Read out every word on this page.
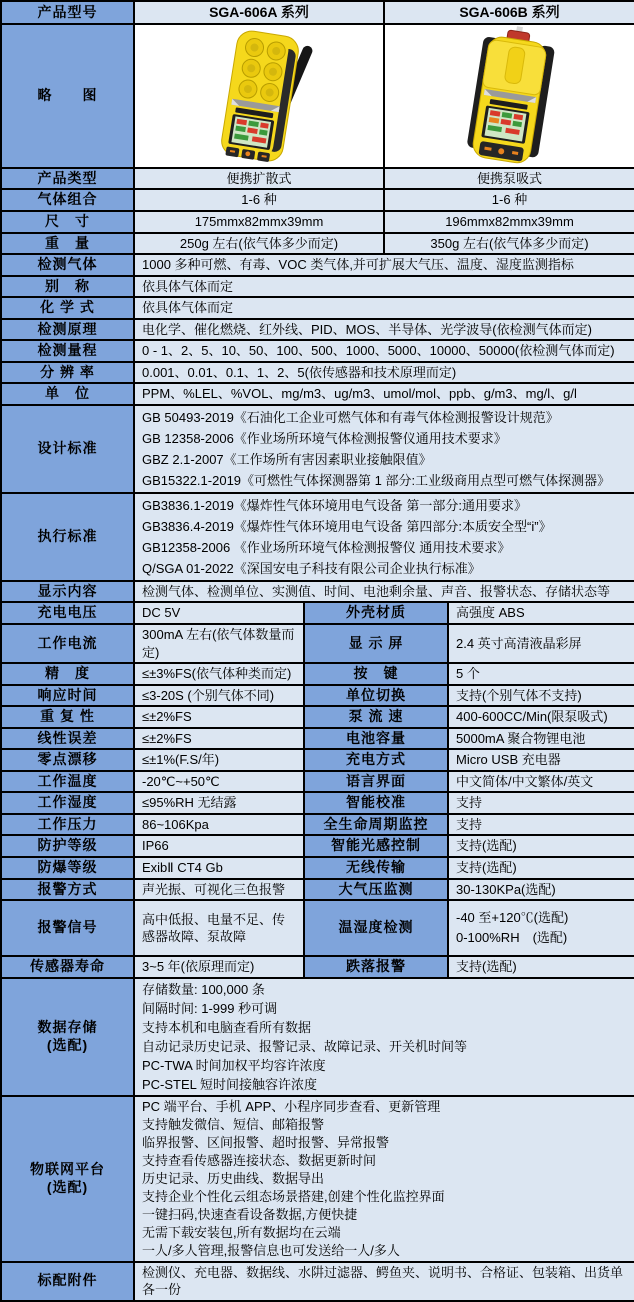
产品型号	SGA-606A 系列		SGA-606B 系列	
略　　图	

产品类型	便携扩散式		便携泵吸式	
气体组合	1-6 种		1-6 种	
尺　寸	175mmx82mmx39mm		196mmx82mmx39mm	
重　量	250g 左右(依气体多少而定)		350g 左右(依气体多少而定)	
检测气体	1000 多种可燃、有毒、VOC 类气体,并可扩展大气压、温度、湿度监测指标			
别　称	依具体气体而定			
化 学 式	依具体气体而定			
检测原理	电化学、催化燃烧、红外线、PID、MOS、半导体、光学波导(依检测气体而定)			
检测量程	0 - 1、2、5、10、50、100、500、1000、5000、10000、50000(依检测气体而定)			
分 辨 率	0.001、0.01、0.1、1、2、5(依传感器和技术原理而定)			
单　位	PPM、%LEL、%VOL、mg/m3、ug/m3、umol/mol、ppb、g/m3、mg/l、g/l			
设计标准	GB 50493-2019《石油化工企业可燃气体和有毒气体检测报警设计规范》
GB 12358-2006《作业场所环境气体检测报警仪通用技术要求》
GBZ 2.1-2007《工作场所有害因素职业接触限值》
GB15322.1-2019《可燃性气体探测器第 1 部分:工业级商用点型可燃气体探测器》			

执行标准	GB3836.1-2019《爆炸性气体环境用电气设备 第一部分:通用要求》
GB3836.4-2019《爆炸性气体环境用电气设备 第四部分:本质安全型“i”》
GB12358-2006 《作业场所环境气体检测报警仪 通用技术要求》
Q/SGA 01-2022《深国安电子科技有限公司企业执行标准》			

显示内容	检测气体、检测单位、实测值、时间、电池剩余量、声音、报警状态、存储状态等			
充电电压	DC 5V	外壳材质		高强度 ABS
工作电流	300mA 左右(依气体数量而定)	显 示 屏		2.4 英寸高清液晶彩屏
精　度	≤±3%FS(依气体种类而定)	按　键		5 个
响应时间	≤3-20S (个别气体不同)	单位切换		支持(个别气体不支持)
重 复 性	≤±2%FS	泵 流 速		400-600CC/Min(限泵吸式)
线性误差	≤±2%FS	电池容量		5000mA 聚合物锂电池
零点漂移	≤±1%(F.S/年)	充电方式		Micro USB 充电器
工作温度	-20℃~+50℃	语言界面		中文简体/中文繁体/英文
工作湿度	≤95%RH 无结露	智能校准		支持
工作压力	86~106Kpa	全生命周期监控		支持
防护等级	IP66	智能光感控制		支持(选配)
防爆等级	ExibⅡ CT4 Gb	无线传输		支持(选配)
报警方式	声光振、可视化三色报警	大气压监测		30-130KPa(选配)
报警信号	高中低报、电量不足、传感器故障、泵故障	温湿度检测		-40 至+120℃(选配)
0-100%RH　(选配)

传感器寿命	3~5 年(依原理而定)	跌落报警		支持(选配)

数据存储
(选配)

存储数量: 100,000 条
间隔时间: 1-999 秒可调
支持本机和电脑查看所有数据
自动记录历史记录、报警记录、故障记录、开关机时间等
PC-TWA 时间加权平均容许浓度
PC-STEL 短时间接触容许浓度

物联网平台
(选配)

PC 端平台、手机 APP、小程序同步查看、更新管理
支持触发微信、短信、邮箱报警
临界报警、区间报警、超时报警、异常报警
支持查看传感器连接状态、数据更新时间
历史记录、历史曲线、数据导出
支持企业个性化云组态场景搭建,创建个性化监控界面
一键扫码,快速查看设备数据,方便快捷
无需下载安装包,所有数据均在云端
一人/多人管理,报警信息也可发送给一人/多人

标配附件	检测仪、充电器、数据线、水阱过滤器、鳄鱼夹、说明书、合格证、包装箱、出货单各一份			
